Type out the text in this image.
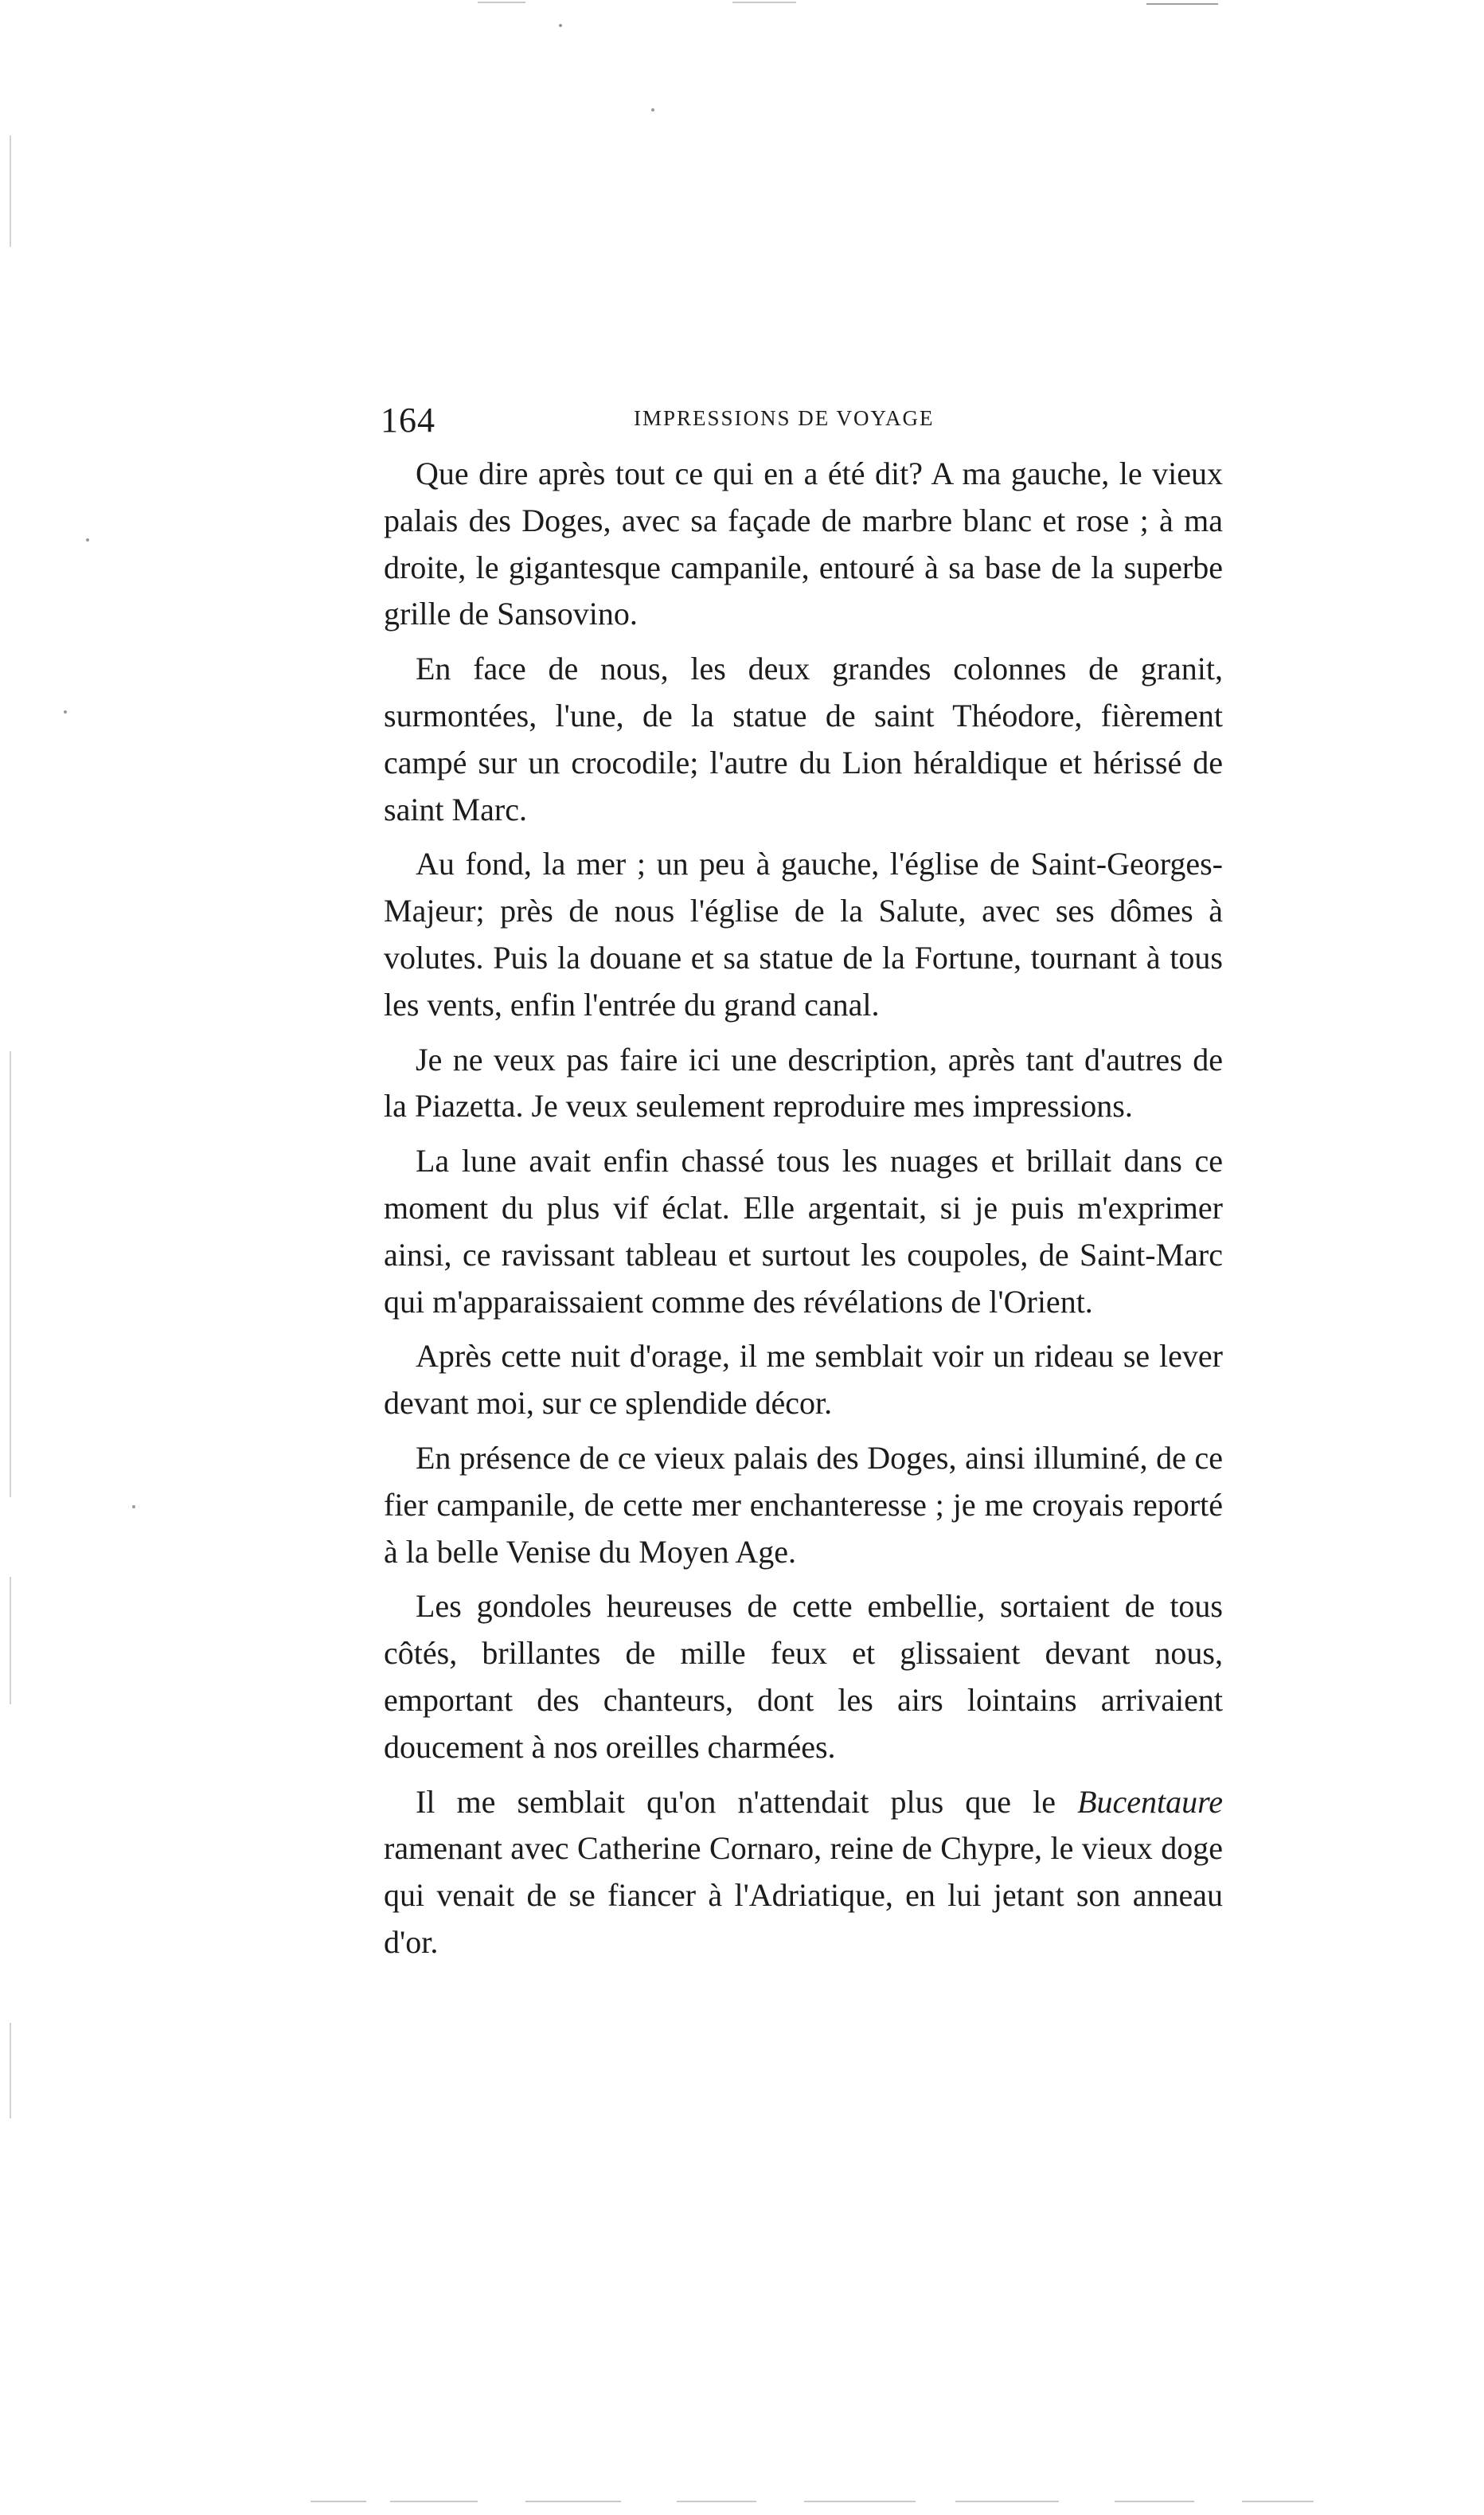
164	IMPRESSIONS DE VOYAGE

Que dire après tout ce qui en a été dit? A ma gauche, le vieux palais des Doges, avec sa façade de marbre blanc et rose ; à ma droite, le gigantesque campanile, entouré à sa base de la superbe grille de Sansovino.

En face de nous, les deux grandes colonnes de granit, surmontées, l'une, de la statue de saint Théodore, fièrement campé sur un crocodile; l'autre du Lion héraldique et hérissé de saint Marc.

Au fond, la mer ; un peu à gauche, l'église de Saint-Georges-Majeur; près de nous l'église de la Salute, avec ses dômes à volutes. Puis la douane et sa statue de la Fortune, tournant à tous les vents, enfin l'entrée du grand canal.

Je ne veux pas faire ici une description, après tant d'autres de la Piazetta. Je veux seulement reproduire mes impressions.

La lune avait enfin chassé tous les nuages et brillait dans ce moment du plus vif éclat. Elle argentait, si je puis m'exprimer ainsi, ce ravissant tableau et surtout les coupoles, de Saint-Marc qui m'apparaissaient comme des révélations de l'Orient.

Après cette nuit d'orage, il me semblait voir un rideau se lever devant moi, sur ce splendide décor.

En présence de ce vieux palais des Doges, ainsi illuminé, de ce fier campanile, de cette mer enchanteresse ; je me croyais reporté à la belle Venise du Moyen Age.

Les gondoles heureuses de cette embellie, sortaient de tous côtés, brillantes de mille feux et glissaient devant nous, emportant des chanteurs, dont les airs lointains arrivaient doucement à nos oreilles charmées.

Il me semblait qu'on n'attendait plus que le Bucentaure ramenant avec Catherine Cornaro, reine de Chypre, le vieux doge qui venait de se fiancer à l'Adriatique, en lui jetant son anneau d'or.
